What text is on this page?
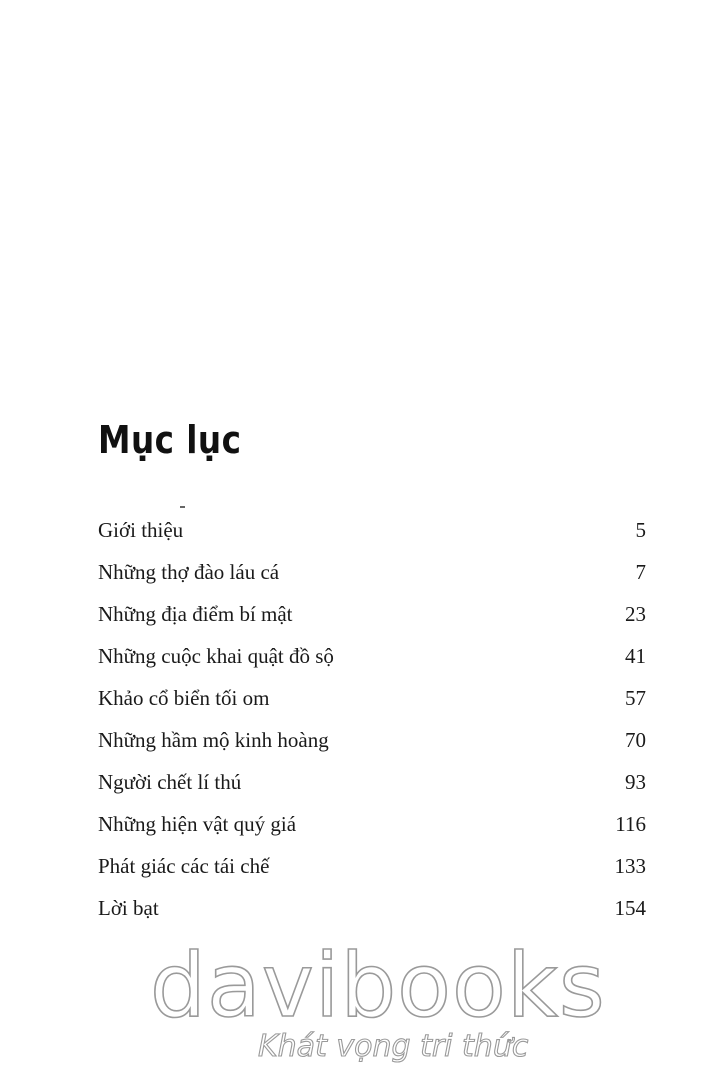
Mục lục
Giới thiệu	5
Những thợ đào láu cá	7
Những địa điểm bí mật	23
Những cuộc khai quật đồ sộ	41
Khảo cổ biển tối om	57
Những hầm mộ kinh hoàng	70
Người chết lí thú	93
Những hiện vật quý giá	116
Phát giác các tái chế	133
Lời bạt	154
davibooks
Khát vọng tri thức
